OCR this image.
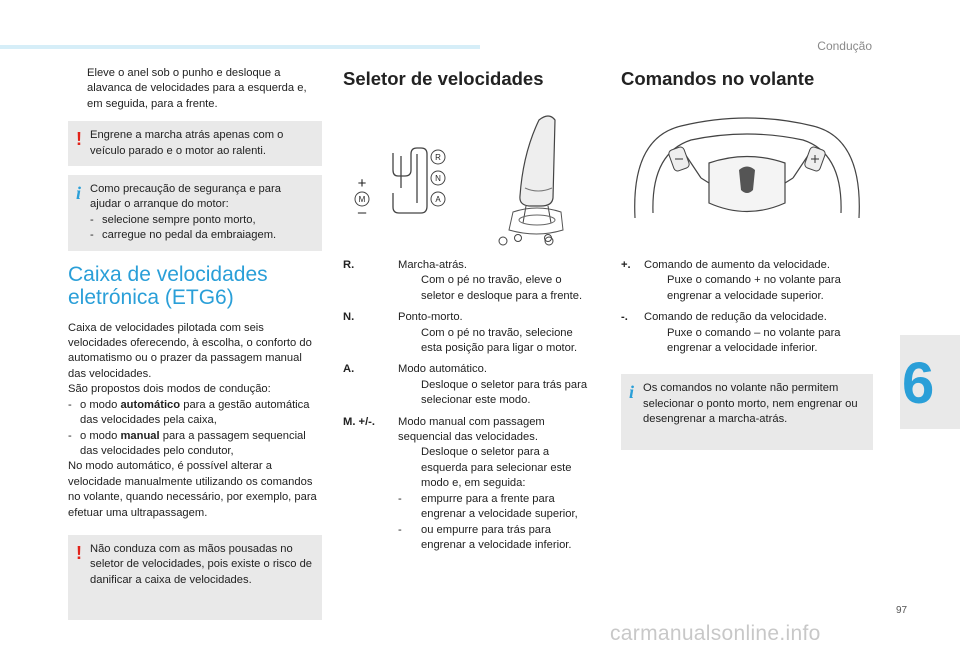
Condução
6
97
carmanualsonline.info
Eleve o anel sob o punho e desloque a alavanca de velocidades para a esquerda e, em seguida, para a frente.
! Engrene a marcha atrás apenas com o veículo parado e o motor ao ralenti.
i Como precaução de segurança e para ajudar o arranque do motor:
- selecione sempre ponto morto,
- carregue no pedal da embraiagem.
Caixa de velocidades
eletrónica (ETG6)

Caixa de velocidades pilotada com seis velocidades oferecendo, à escolha, o conforto do automatismo ou o prazer da passagem manual das velocidades.

São propostos dois modos de condução:

- o modo automático para a gestão automática das velocidades pela caixa,
- o modo manual para a passagem sequencial das velocidades pelo condutor,

No modo automático, é possível alterar a velocidade manualmente utilizando os comandos no volante, quando necessário, por exemplo, para efetuar uma ultrapassagem.

! Não conduza com as mãos pousadas no seletor de velocidades, pois existe o risco de danificar a caixa de velocidades.
Seletor de velocidades
R
N
A
M
+
–
R.	Marcha-atrás.
Com o pé no travão, eleve o seletor e desloque para a frente.
N.	Ponto-morto.
Com o pé no travão, selecione esta posição para ligar o motor.
A.	Modo automático.
Desloque o seletor para trás para selecionar este modo.
M. +/-.	Modo manual com passagem sequencial das velocidades.
Desloque o seletor para a esquerda para selecionar este modo e, em seguida:
-	empurre para a frente para engrenar a velocidade superior,
-	ou empurre para trás para engrenar a velocidade inferior.
Comandos no volante
+.	Comando de aumento da velocidade.
Puxe o comando + no volante para engrenar a velocidade superior.
-.	Comando de redução da velocidade.
Puxe o comando – no volante para engrenar a velocidade inferior.
i Os comandos no volante não permitem selecionar o ponto morto, nem engrenar ou desengrenar a marcha-atrás.
